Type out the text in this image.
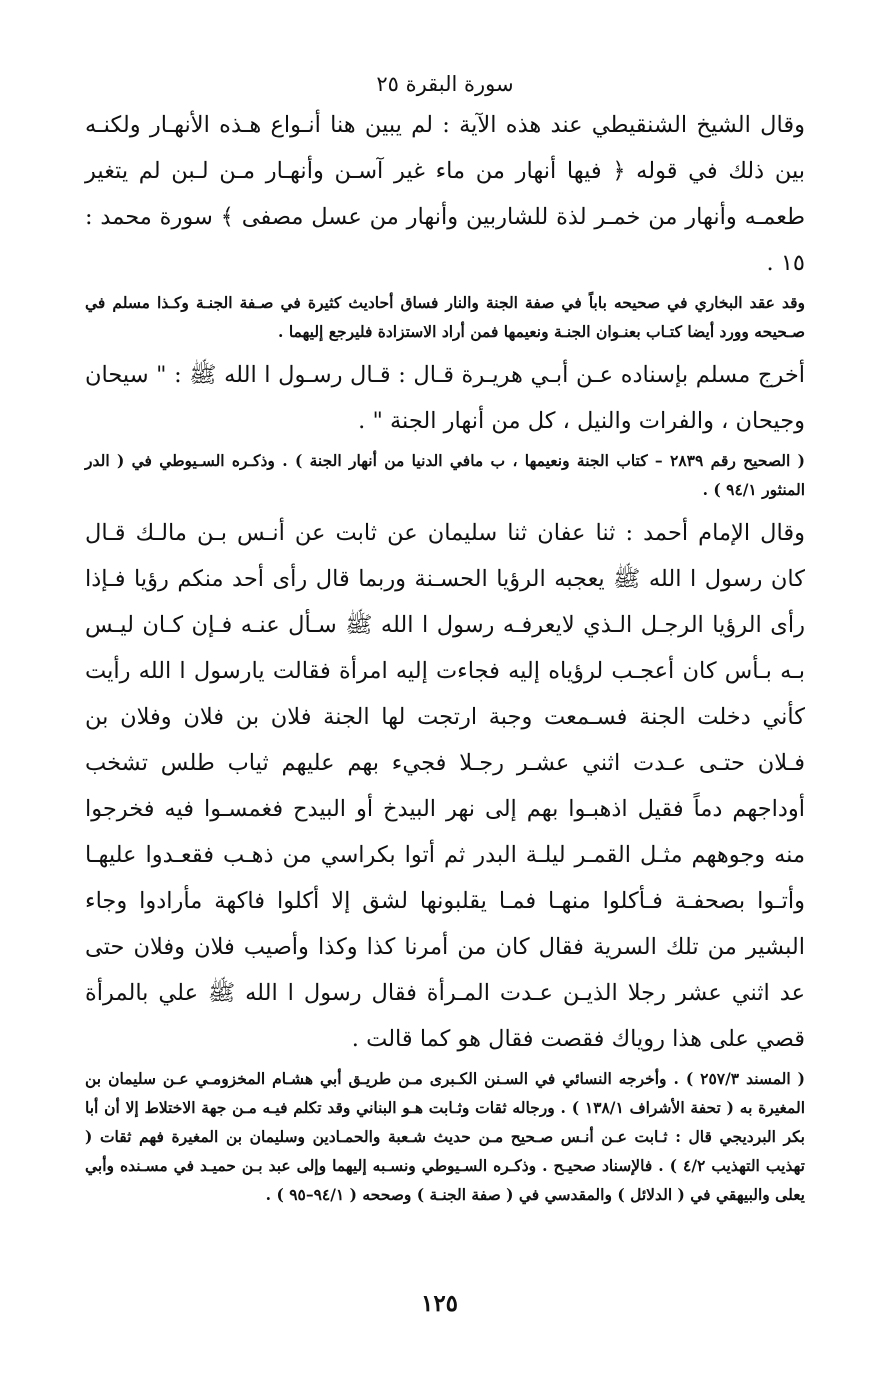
سورة البقرة ٢٥

وقال الشيخ الشنقيطي عند هذه الآية : لم يبين هنا أنـواع هـذه الأنهـار ولكنـه بين ذلك في قوله ﴿ فيها أنهار من ماء غير آسـن وأنهـار مـن لـبن لم يتغير طعمـه وأنهار من خمـر لذة للشاربين وأنهار من عسل مصفى ﴾ سورة محمد : ١٥ .

وقد عقد البخاري في صحيحه باباً في صفة الجنة والنار فساق أحاديث كثيرة في صـفة الجنـة وكـذا مسلم في صـحيحه وورد أيضا كتـاب بعنـوان الجنـة ونعيمها فمن أراد الاستزادة فليرجع إليهما .

أخرج مسلم بإسناده عـن أبـي هريـرة قـال : قـال رسـول ا الله ﷺ : " سيحان وجيحان ، والفرات والنيل ، كل من أنهار الجنة " .

( الصحيح رقم ٢٨٣٩ – كتاب الجنة ونعيمها ، ب مافي الدنيا من أنهار الجنة ) . وذكـره السـيوطي في ( الدر المنثور ٩٤/١ ) .

وقال الإمام أحمد : ثنا عفان ثنا سليمان عن ثابت عن أنـس بـن مالـك قـال كان رسول ا الله ﷺ يعجبه الرؤيا الحسـنة وربما قال رأى أحد منكم رؤيا فـإذا رأى الرؤيا الرجـل الـذي لايعرفـه رسول ا الله ﷺ سـأل عنـه فـإن كـان ليـس بـه بـأس كان أعجـب لرؤياه إليه فجاءت إليه امرأة فقالت يارسول ا الله رأيت كأني دخلت الجنة فسـمعت وجبة ارتجت لها الجنة فلان بن فلان وفلان بن فـلان حتـى عـدت اثني عشـر رجـلا فجيء بهم عليهم ثياب طلس تشخب أوداجهم دماً فقيل اذهبـوا بهم إلى نهر البيدخ أو البيدح فغمسـوا فيه فخرجوا منه وجوههم مثـل القمـر ليلـة البدر ثم أتوا بكراسي من ذهـب فقعـدوا عليهـا وأتـوا بصحفـة فـأكلوا منهـا فمـا يقلبونها لشق إلا أكلوا فاكهة مأرادوا وجاء البشير من تلك السرية فقال كان من أمرنا كذا وكذا وأصيب فلان وفلان حتى عد اثني عشر رجلا الذيـن عـدت المـرأة فقال رسول ا الله ﷺ علي بالمرأة قصي على هذا روياك فقصت فقال هو كما قالت .

( المسند ٢٥٧/٣ ) . وأخرجه النسائي في السـنن الكـبرى مـن طريـق أبي هشـام المخزومـي عـن سليمان بن المغيرة به ( تحفة الأشراف ١٣٨/١ ) . ورجاله ثقات وثـابت هـو البناني وقد تكلم فيـه مـن جهة الاختلاط إلا أن أبا بكر البرديجي قال : ثـابت عـن أنـس صـحيح مـن حديث شـعبة والحمـادين وسليمان بن المغيرة فهم ثقات ( تهذيب التهذيب ٤/٢ ) . فالإسناد صحيـح . وذكـره السـيوطي ونسـبه إليهما وإلى عبد بـن حميـد في مسـنده وأبي يعلى والبيهقي في ( الدلائل ) والمقدسي في ( صفة الجنـة ) وصححه ( ٩٤/١–٩٥ ) .

١٢٥
